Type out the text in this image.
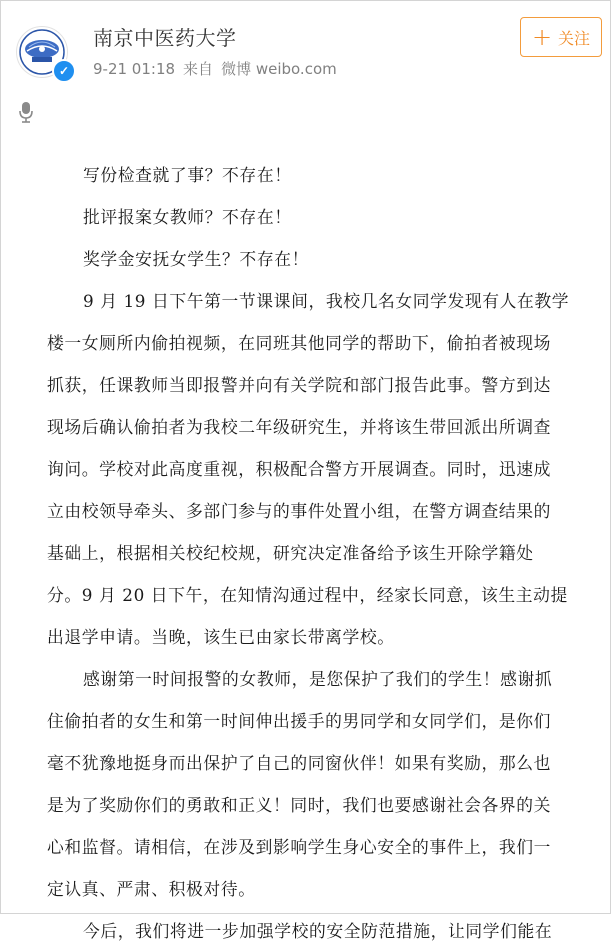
✓
南京中医药大学
9-21 01:18 来自 微博 weibo.com
+ 关注
写份检查就了事？不存在！
批评报案女教师？不存在！
奖学金安抚女学生？不存在！
9 月 19 日下午第一节课课间，我校几名女同学发现有人在教学
楼一女厕所内偷拍视频，在同班其他同学的帮助下，偷拍者被现场
抓获，任课教师当即报警并向有关学院和部门报告此事。警方到达
现场后确认偷拍者为我校二年级研究生，并将该生带回派出所调查
询问。学校对此高度重视，积极配合警方开展调查。同时，迅速成
立由校领导牵头、多部门参与的事件处置小组，在警方调查结果的
基础上，根据相关校纪校规，研究决定准备给予该生开除学籍处
分。9 月 20 日下午，在知情沟通过程中，经家长同意，该生主动提
出退学申请。当晚，该生已由家长带离学校。
感谢第一时间报警的女教师，是您保护了我们的学生！感谢抓
住偷拍者的女生和第一时间伸出援手的男同学和女同学们，是你们
毫不犹豫地挺身而出保护了自己的同窗伙伴！如果有奖励，那么也
是为了奖励你们的勇敢和正义！同时，我们也要感谢社会各界的关
心和监督。请相信，在涉及到影响学生身心安全的事件上，我们一
定认真、严肃、积极对待。
今后，我们将进一步加强学校的安全防范措施，让同学们能在
